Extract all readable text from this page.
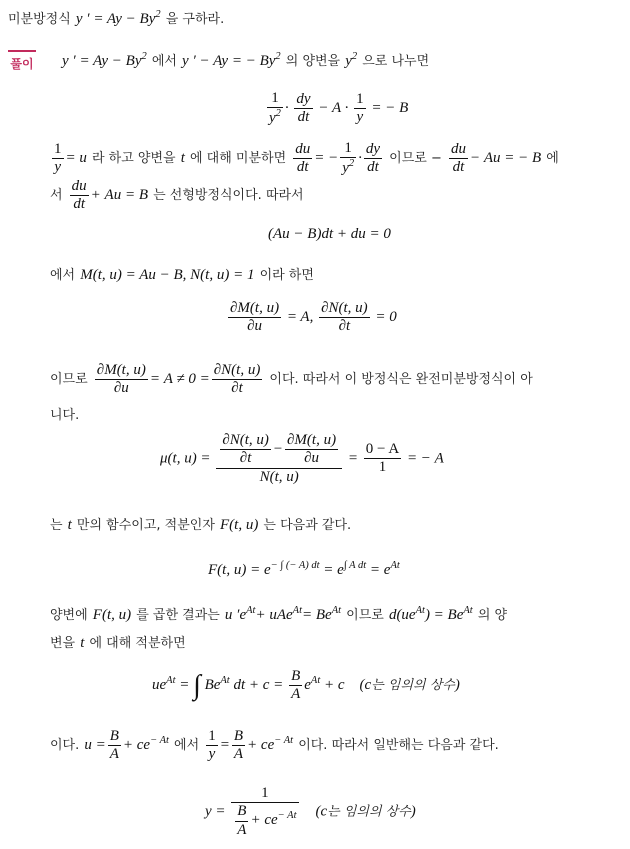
미분방정식 y ′ = $Ay - By^2$ 을 구하라.
풀이 y ′ = $Ay - By^2$ 에서 y ′ − Ay = − $By^2$ 의 양변을 $y^2$ 으로 나누면
$\frac{1}{y^2} \cdot \frac{dy}{dt} - A \cdot \frac{1}{y}$ = − B
$\frac{1}{y} = u$ 라 하고 양변을 t 에 대해 미분하면 $\frac{du}{dt}$ = − $\frac{1}{y^2} \cdot \frac{dy}{dt}$ 이므로 − $\frac{du}{dt} - Au$ = − B 에
서 $\frac{du}{dt} + Au = B$ 는 선형방정식이다. 따라서
(Au − B)dt + du = 0
에서 M(t, u) = Au − B, N(t, u) = 1 이라 하면
$\frac{\partial M(t, u)}{\partial u} = A$, $\frac{\partial N(t, u)}{\partial t} = 0$
이므로 $\frac{\partial M(t, u)}{\partial u} = A \ne 0 = \frac{\partial N(t, u)}{\partial t}$ 이다. 따라서 이 방정식은 완전미분방정식이 아
니다.
μ(t, $u) = \frac{\frac{\partial N(t, u)}{\partial t} - \frac{\partial M(t, u)}{\partial u}}{N(t, u)} = \frac{0 - A}{1}$ = − A
는 t 만의 함수이고, 적분인자 F(t, u) 는 다음과 같다.
F(t, $u) = e^{- \int (- A) dt} = e^{\int A dt} = e^{At}$
양변에 F(t, u) 를 곱한 결과는 u $'e^{At}+ uAe^{At}= Be^{At}$ 이므로 $d(ue^{At}) = Be^{At}$ 의 양
변을 t 에 대해 적분하면
$ue^{At}$ = ∫ $Be^{At}$ dt + $c = \frac{B}{A} e^{At} + c$    (c는 임의의 상수)
이다. $u = \frac{B}{A} + ce^{- At}$ 에서 $\frac{1}{y} = \frac{B}{A} + ce^{- At}$ 이다. 따라서 일반해는 다음과 같다.
$y = \frac{1}{\frac{B}{A} + ce^{- At}} (c$는 임의의 상수)
